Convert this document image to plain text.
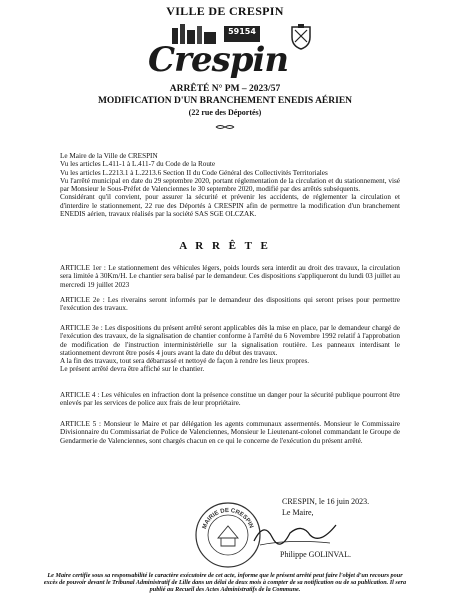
VILLE DE CRESPIN
59154
Crespin
ARRÊTÉ N° PM – 2023/57
MODIFICATION D'UN BRANCHEMENT ENEDIS AÉRIEN
(22 rue des Déportés)

Le Maire de la Ville de CRESPIN

Vu les articles L.411-1 à L.411-7 du Code de la Route

Vu les articles L.2213.1 à L.2213.6 Section II du Code Général des Collectivités Territoriales

Vu l'arrêté municipal en date du 29 septembre 2020, portant réglementation de la circulation et du stationnement, visé par Monsieur le Sous-Préfet de Valenciennes le 30 septembre 2020, modifié par des arrêtés subséquents.

Considérant qu'il convient, pour assurer la sécurité et prévenir les accidents, de réglementer la circulation et d'interdire le stationnement, 22 rue des Déportés à CRESPIN afin de permettre la modification d'un branchement ENEDIS aérien, travaux réalisés par la société SAS SGE OLCZAK.

A R R Ê T E

ARTICLE 1er : Le stationnement des véhicules légers, poids lourds sera interdit au droit des travaux, la circulation sera limitée à 30Km/H. Le chantier sera balisé par le demandeur. Ces dispositions s'appliqueront du lundi 03 juillet au mercredi 19 juillet 2023

ARTICLE 2e : Les riverains seront informés par le demandeur des dispositions qui seront prises pour permettre l'exécution des travaux.

ARTICLE 3e : Les dispositions du présent arrêté seront applicables dès la mise en place, par le demandeur chargé de l'exécution des travaux, de la signalisation de chantier conforme à l'arrêté du 6 Novembre 1992 relatif à l'approbation de modification de l'instruction interministérielle sur la signalisation routière. Les panneaux interdisant le stationnement devront être posés 4 jours avant la date du début des travaux.

A la fin des travaux, tout sera débarrassé et nettoyé de façon à rendre les lieux propres.

Le présent arrêté devra être affiché sur le chantier.

ARTICLE 4 : Les véhicules en infraction dont la présence constitue un danger pour la sécurité publique pourront être enlevés par les services de police aux frais de leur propriétaire.

ARTICLE 5 : Monsieur le Maire et par délégation les agents communaux assermentés. Monsieur le Commissaire Divisionnaire du Commissariat de Police de Valenciennes, Monsieur le Lieutenant-colonel commandant le Groupe de Gendarmerie de Valenciennes, sont chargés chacun en ce qui le concerne de l'exécution du présent arrêté.

CRESPIN, le 16 juin 2023.
Le Maire,
MAIRIE DE CRESPIN
Philippe GOLINVAL.
Le Maire certifie sous sa responsabilité le caractère exécutoire de cet acte, informe que le présent arrêté peut faire l'objet d'un recours pour excès de pouvoir devant le Tribunal Administratif de Lille dans un délai de deux mois à compter de sa notification ou de sa publication. Il sera publié au Recueil des Actes Administratifs de la Commune.
